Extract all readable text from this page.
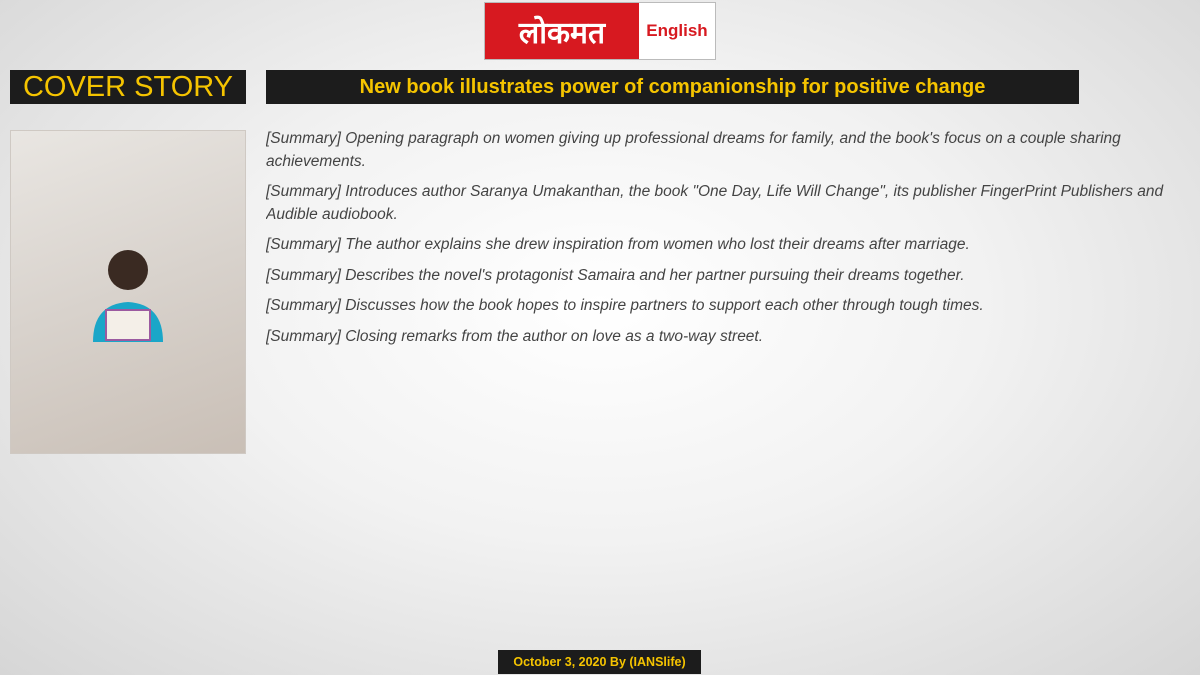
लोकमत	English
COVER STORY	New book illustrates power of companionship for positive change

[Summary] Opening paragraph on women giving up professional dreams for family, and the book's focus on a couple sharing achievements.

[Summary] Introduces author Saranya Umakanthan, the book "One Day, Life Will Change", its publisher FingerPrint Publishers and Audible audiobook.

[Summary] The author explains she drew inspiration from women who lost their dreams after marriage.

[Summary] Describes the novel's protagonist Samaira and her partner pursuing their dreams together.

[Summary] Discusses how the book hopes to inspire partners to support each other through tough times.

[Summary] Closing remarks from the author on love as a two-way street.

October 3, 2020 By (IANSlife)
